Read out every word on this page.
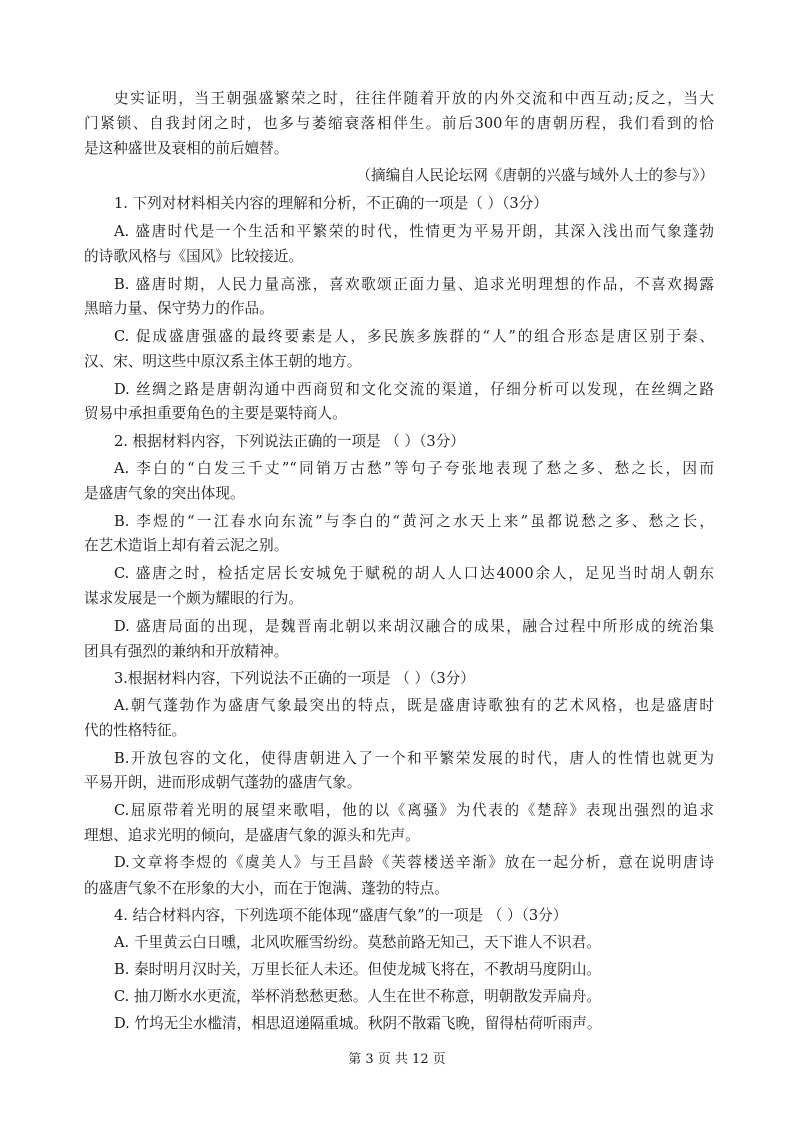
史实证明，当王朝强盛繁荣之时，往往伴随着开放的内外交流和中西互动;反之，当大
门紧锁、自我封闭之时，也多与萎缩衰落相伴生。前后300年的唐朝历程，我们看到的恰
是这种盛世及衰相的前后嬗替。
（摘编自人民论坛网《唐朝的兴盛与域外人士的参与》）
1. 下列对材料相关内容的理解和分析，不正确的一项是（ ）（3分）
A. 盛唐时代是一个生活和平繁荣的时代，性情更为平易开朗，其深入浅出而气象蓬勃
的诗歌风格与《国风》比较接近。
B. 盛唐时期，人民力量高涨，喜欢歌颂正面力量、追求光明理想的作品，不喜欢揭露
黑暗力量、保守势力的作品。
C. 促成盛唐强盛的最终要素是人，多民族多族群的“人”的组合形态是唐区别于秦、
汉、宋、明这些中原汉系主体王朝的地方。
D. 丝绸之路是唐朝沟通中西商贸和文化交流的渠道，仔细分析可以发现，在丝绸之路
贸易中承担重要角色的主要是粟特商人。
2. 根据材料内容，下列说法正确的一项是 （ ）（3分）
A. 李白的“白发三千丈”“同销万古愁”等句子夸张地表现了愁之多、愁之长，因而
是盛唐气象的突出体现。
B. 李煜的“一江春水向东流”与李白的“黄河之水天上来”虽都说愁之多、愁之长，
在艺术造诣上却有着云泥之别。
C. 盛唐之时，检括定居长安城免于赋税的胡人人口达4000余人，足见当时胡人朝东
谋求发展是一个颇为耀眼的行为。
D. 盛唐局面的出现，是魏晋南北朝以来胡汉融合的成果，融合过程中所形成的统治集
团具有强烈的兼纳和开放精神。
3.根据材料内容，下列说法不正确的一项是 （ ）（3分）
A.朝气蓬勃作为盛唐气象最突出的特点，既是盛唐诗歌独有的艺术风格，也是盛唐时
代的性格特征。
B.开放包容的文化，使得唐朝进入了一个和平繁荣发展的时代，唐人的性情也就更为
平易开朗，进而形成朝气蓬勃的盛唐气象。
C.屈原带着光明的展望来歌唱，他的以《离骚》为代表的《楚辞》表现出强烈的追求
理想、追求光明的倾向，是盛唐气象的源头和先声。
D.文章将李煜的《虞美人》与王昌龄《芙蓉楼送辛渐》放在一起分析，意在说明唐诗
的盛唐气象不在形象的大小，而在于饱满、蓬勃的特点。
4. 结合材料内容，下列选项不能体现“盛唐气象”的一项是 （ ）（3分）
A. 千里黄云白日曛，北风吹雁雪纷纷。莫愁前路无知己，天下谁人不识君。
B. 秦时明月汉时关，万里长征人未还。但使龙城飞将在，不教胡马度阴山。
C. 抽刀断水水更流，举杯消愁愁更愁。人生在世不称意，明朝散发弄扁舟。
D. 竹坞无尘水槛清，相思迢递隔重城。秋阴不散霜飞晚，留得枯荷听雨声。
第 3 页 共 12 页
